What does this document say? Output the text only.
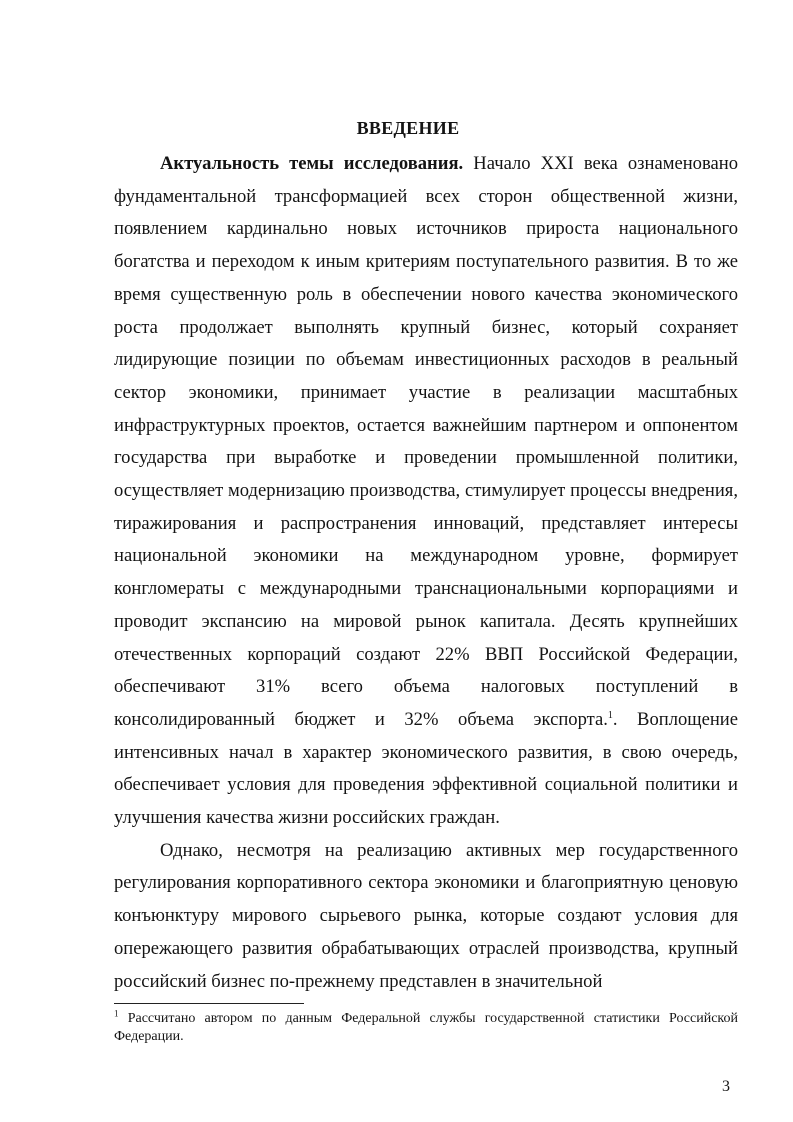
ВВЕДЕНИЕ

Актуальность темы исследования. Начало XXI века ознаменовано фундаментальной трансформацией всех сторон общественной жизни, появлением кардинально новых источников прироста национального богатства и переходом к иным критериям поступательного развития. В то же время существенную роль в обеспечении нового качества экономического роста продолжает выполнять крупный бизнес, который сохраняет лидирующие позиции по объемам инвестиционных расходов в реальный сектор экономики, принимает участие в реализации масштабных инфраструктурных проектов, остается важнейшим партнером и оппонентом государства при выработке и проведении промышленной политики, осуществляет модернизацию производства, стимулирует процессы внедрения, тиражирования и распространения инноваций, представляет интересы национальной экономики на международном уровне, формирует конгломераты с международными транснациональными корпорациями и проводит экспансию на мировой рынок капитала. Десять крупнейших отечественных корпораций создают 22% ВВП Российской Федерации, обеспечивают 31% всего объема налоговых поступлений в консолидированный бюджет и 32% объема экспорта.$^1$. Воплощение интенсивных начал в характер экономического развития, в свою очередь, обеспечивает условия для проведения эффективной социальной политики и улучшения качества жизни российских граждан.

Однако, несмотря на реализацию активных мер государственного регулирования корпоративного сектора экономики и благоприятную ценовую конъюнктуру мирового сырьевого рынка, которые создают условия для опережающего развития обрабатывающих отраслей производства, крупный российский бизнес по-прежнему представлен в значительной

$^1$ Рассчитано автором по данным Федеральной службы государственной статистики Российской Федерации.
3
